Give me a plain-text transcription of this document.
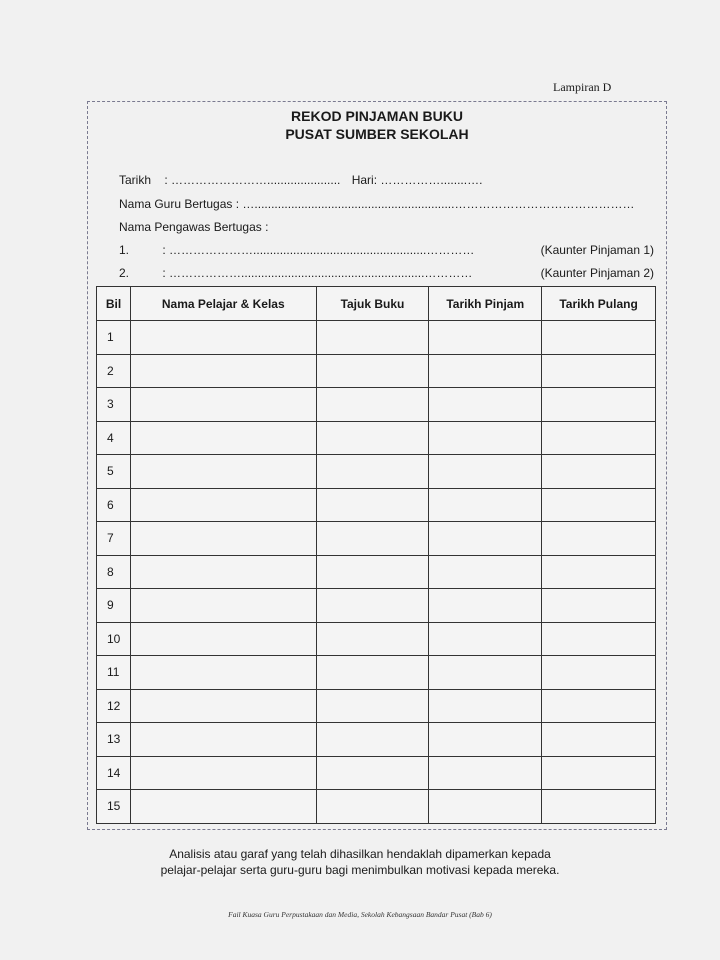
Lampiran D
REKOD PINJAMAN BUKU
PUSAT SUMBER SEKOLAH
Tarikh : ……………………...................... Hari: ……………........….
Nama Guru Bertugas : …............................................................………………………………………
Nama Pengawas Bertugas :
1.	: …………………....................................................…………	(Kaunter Pinjaman 1)
2.	: ……………….......................................................…………	(Kaunter Pinjaman 2)
Bil	Nama Pelajar & Kelas	Tajuk Buku	Tarikh Pinjam	Tarikh Pulang
1				
2				
3				
4				
5				
6				
7				
8				
9				
10				
11				
12				
13				
14				
15				
Analisis atau garaf yang telah dihasilkan hendaklah dipamerkan kepada
pelajar-pelajar serta guru-guru bagi menimbulkan motivasi kepada mereka.
Fail Kuasa Guru Perpustakaan dan Media, Sekolah Kebangsaan Bandar Pusat (Bab 6)
